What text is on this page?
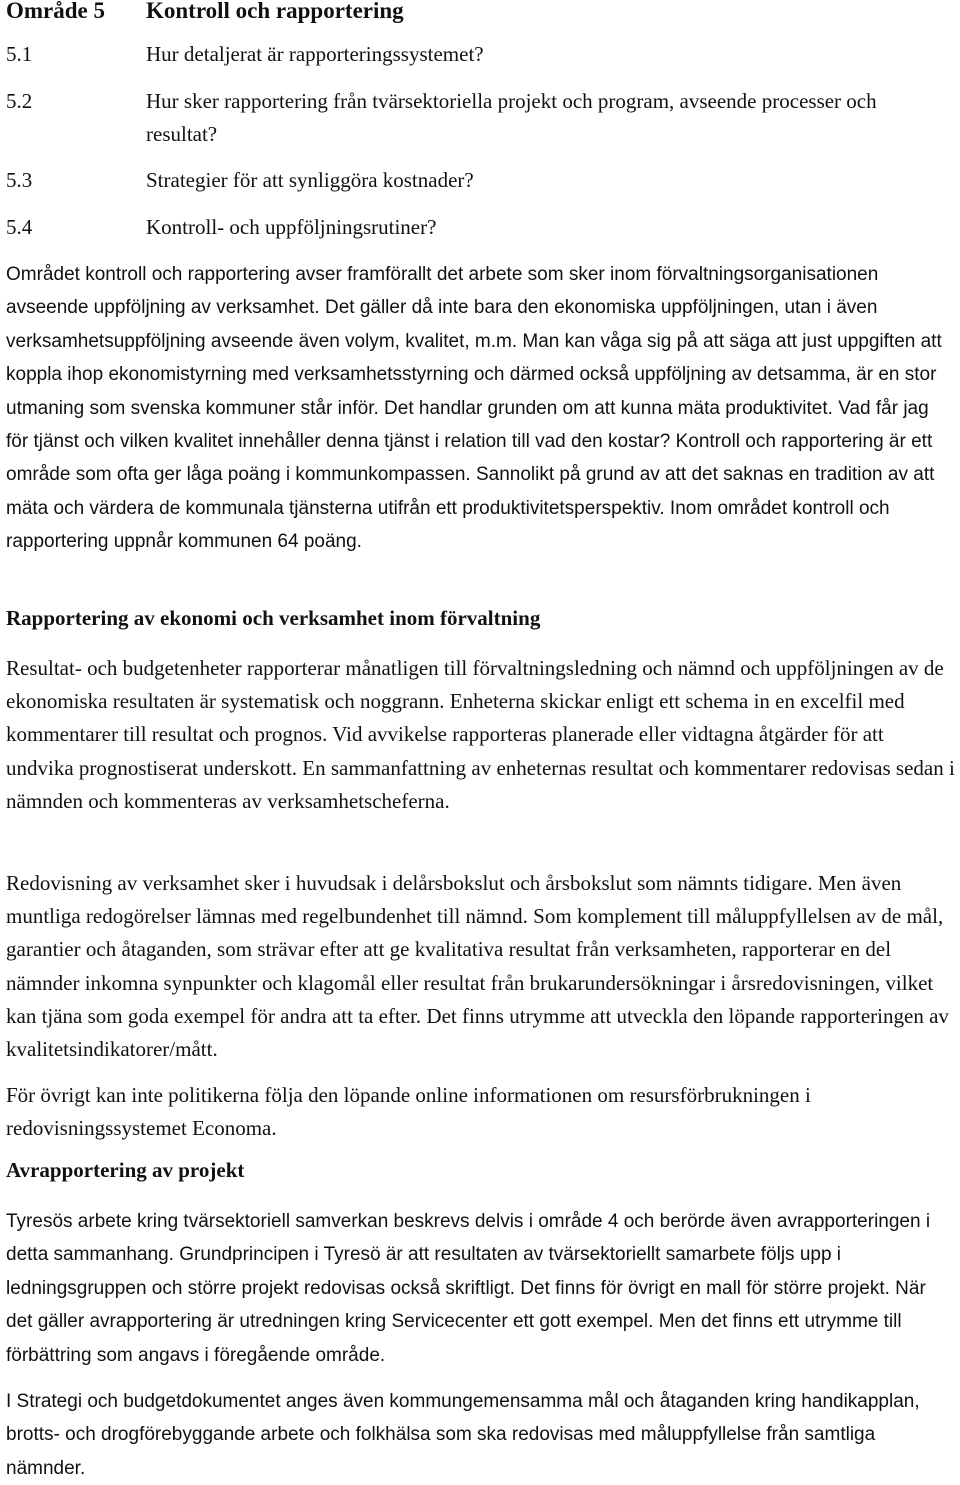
Område 5 Kontroll och rapportering
5.1	Hur detaljerat är rapporteringssystemet?
5.2	Hur sker rapportering från tvärsektoriella projekt och program, avseende processer och resultat?
5.3	Strategier för att synliggöra kostnader?
5.4	Kontroll- och uppföljningsrutiner?

Området kontroll och rapportering avser framförallt det arbete som sker inom förvaltningsorganisationen avseende uppföljning av verksamhet. Det gäller då inte bara den ekonomiska uppföljningen, utan i även verksamhetsuppföljning avseende även volym, kvalitet, m.m. Man kan våga sig på att säga att just uppgiften att koppla ihop ekonomistyrning med verksamhetsstyrning och därmed också uppföljning av detsamma, är en stor utmaning som svenska kommuner står inför. Det handlar grunden om att kunna mäta produktivitet. Vad får jag för tjänst och vilken kvalitet innehåller denna tjänst i relation till vad den kostar? Kontroll och rapportering är ett område som ofta ger låga poäng i kommunkompassen. Sannolikt på grund av att det saknas en tradition av att mäta och värdera de kommunala tjänsterna utifrån ett produktivitetsperspektiv. Inom området kontroll och rapportering uppnår kommunen 64 poäng.

Rapportering av ekonomi och verksamhet inom förvaltning

Resultat- och budgetenheter rapporterar månatligen till förvaltningsledning och nämnd och uppföljningen av de ekonomiska resultaten är systematisk och noggrann. Enheterna skickar enligt ett schema in en excelfil med kommentarer till resultat och prognos. Vid avvikelse rapporteras planerade eller vidtagna åtgärder för att undvika prognostiserat underskott. En sammanfattning av enheternas resultat och kommentarer redovisas sedan i nämnden och kommenteras av verksamhetscheferna.

Redovisning av verksamhet sker i huvudsak i delårsbokslut och årsbokslut som nämnts tidigare. Men även muntliga redogörelser lämnas med regelbundenhet till nämnd. Som komplement till måluppfyllelsen av de mål, garantier och åtaganden, som strävar efter att ge kvalitativa resultat från verksamheten, rapporterar en del nämnder inkomna synpunkter och klagomål eller resultat från brukarundersökningar i årsredovisningen, vilket kan tjäna som goda exempel för andra att ta efter. Det finns utrymme att utveckla den löpande rapporteringen av kvalitetsindikatorer/mått.

För övrigt kan inte politikerna följa den löpande online informationen om resursförbrukningen i redovisningssystemet Economa.

Avrapportering av projekt

Tyresös arbete kring tvärsektoriell samverkan beskrevs delvis i område 4 och berörde även avrapporteringen i detta sammanhang. Grundprincipen i Tyresö är att resultaten av tvärsektoriellt samarbete följs upp i ledningsgruppen och större projekt redovisas också skriftligt. Det finns för övrigt en mall för större projekt. När det gäller avrapportering är utredningen kring Servicecenter ett gott exempel. Men det finns ett utrymme till förbättring som angavs i föregående område.

I Strategi och budgetdokumentet anges även kommungemensamma mål och åtaganden kring handikapplan, brotts- och drogförebyggande arbete och folkhälsa som ska redovisas med måluppfyllelse från samtliga nämnder.
